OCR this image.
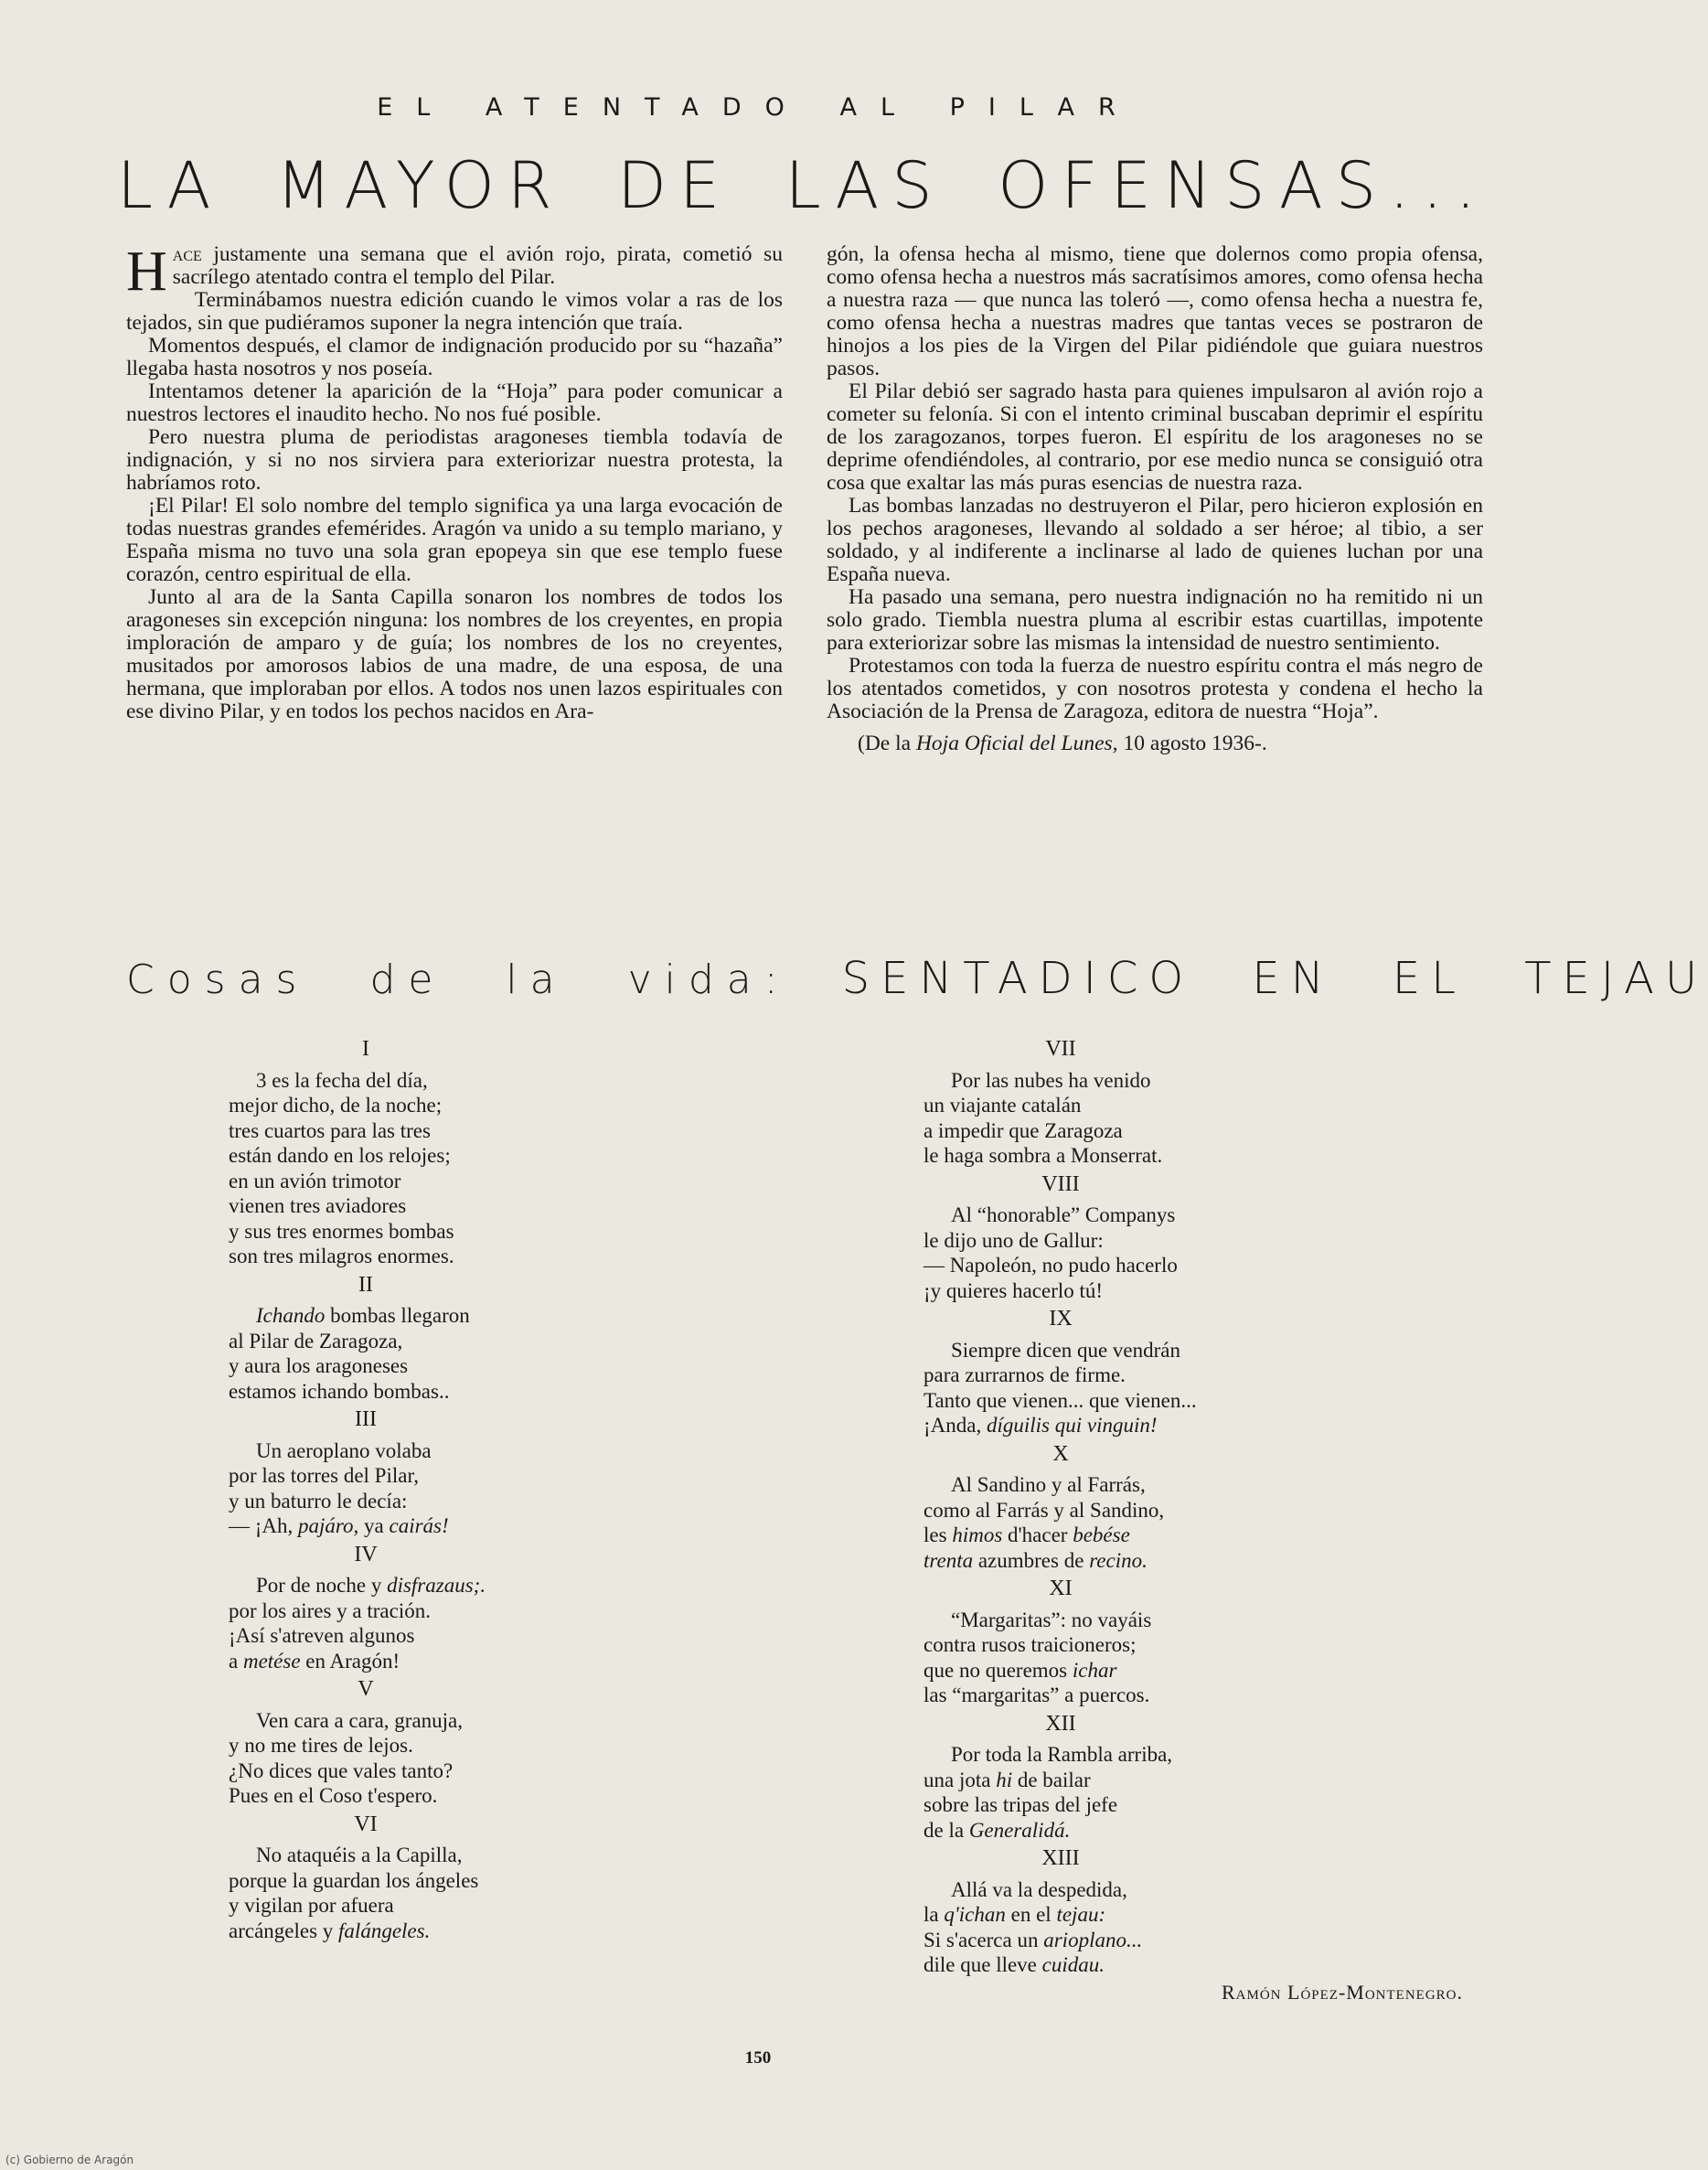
EL ATENTADO AL PILAR
LA MAYOR DE LAS OFENSAS...

Hace justamente una semana que el avión rojo, pirata, cometió su sacrílego atentado contra el templo del Pilar.

Terminábamos nuestra edición cuando le vimos volar a ras de los tejados, sin que pudiéramos suponer la negra intención que traía.

Momentos después, el clamor de indignación producido por su “hazaña” llegaba hasta nosotros y nos poseía.

Intentamos detener la aparición de la “Hoja” para poder comunicar a nuestros lectores el inaudito hecho. No nos fué posible.

Pero nuestra pluma de periodistas aragoneses tiembla todavía de indignación, y si no nos sirviera para exteriorizar nuestra protesta, la habríamos roto.

¡El Pilar! El solo nombre del templo significa ya una larga evocación de todas nuestras grandes efemérides. Aragón va unido a su templo mariano, y España misma no tuvo una sola gran epopeya sin que ese templo fuese corazón, centro espiritual de ella.

Junto al ara de la Santa Capilla sonaron los nombres de todos los aragoneses sin excepción ninguna: los nombres de los creyentes, en propia imploración de amparo y de guía; los nombres de los no creyentes, musitados por amorosos labios de una madre, de una esposa, de una hermana, que imploraban por ellos. A todos nos unen lazos espirituales con ese divino Pilar, y en todos los pechos nacidos en Ara-

gón, la ofensa hecha al mismo, tiene que dolernos como propia ofensa, como ofensa hecha a nuestros más sacratísimos amores, como ofensa hecha a nuestra raza — que nunca las toleró —, como ofensa hecha a nuestra fe, como ofensa hecha a nuestras madres que tantas veces se postraron de hinojos a los pies de la Virgen del Pilar pidiéndole que guiara nuestros pasos.

El Pilar debió ser sagrado hasta para quienes impulsaron al avión rojo a cometer su felonía. Si con el intento criminal buscaban deprimir el espíritu de los zaragozanos, torpes fueron. El espíritu de los aragoneses no se deprime ofendiéndoles, al contrario, por ese medio nunca se consiguió otra cosa que exaltar las más puras esencias de nuestra raza.

Las bombas lanzadas no destruyeron el Pilar, pero hicieron explosión en los pechos aragoneses, llevando al soldado a ser héroe; al tibio, a ser soldado, y al indiferente a inclinarse al lado de quienes luchan por una España nueva.

Ha pasado una semana, pero nuestra indignación no ha remitido ni un solo grado. Tiembla nuestra pluma al escribir estas cuartillas, impotente para exteriorizar sobre las mismas la intensidad de nuestro sentimiento.

Protestamos con toda la fuerza de nuestro espíritu contra el más negro de los atentados cometidos, y con nosotros protesta y condena el hecho la Asociación de la Prensa de Zaragoza, editora de nuestra “Hoja”.

(De la Hoja Oficial del Lunes, 10 agosto 1936-.

Cosas de la vida: SENTADICO EN EL TEJAU
I
3 es la fecha del día,
mejor dicho, de la noche;
tres cuartos para las tres
están dando en los relojes;
en un avión trimotor
vienen tres aviadores
y sus tres enormes bombas
son tres milagros enormes.
II
Ichando bombas llegaron
al Pilar de Zaragoza,
y aura los aragoneses
estamos ichando bombas..
III
Un aeroplano volaba
por las torres del Pilar,
y un baturro le decía:
— ¡Ah, pajáro, ya cairás!
IV
Por de noche y disfrazaus;.
por los aires y a tración.
¡Así s'atreven algunos
a metése en Aragón!
V
Ven cara a cara, granuja,
y no me tires de lejos.
¿No dices que vales tanto?
Pues en el Coso t'espero.
VI
No ataquéis a la Capilla,
porque la guardan los ángeles
y vigilan por afuera
arcángeles y falángeles.
VII
Por las nubes ha venido
un viajante catalán
a impedir que Zaragoza
le haga sombra a Monserrat.
VIII
Al “honorable” Companys
le dijo uno de Gallur:
— Napoleón, no pudo hacerlo
¡y quieres hacerlo tú!
IX
Siempre dicen que vendrán
para zurrarnos de firme.
Tanto que vienen... que vienen...
¡Anda, díguilis qui vinguin!
X
Al Sandino y al Farrás,
como al Farrás y al Sandino,
les himos d'hacer bebése
trenta azumbres de recino.
XI
“Margaritas”: no vayáis
contra rusos traicioneros;
que no queremos ichar
las “margaritas” a puercos.
XII
Por toda la Rambla arriba,
una jota hi de bailar
sobre las tripas del jefe
de la Generalidá.
XIII
Allá va la despedida,
la q'ichan en el tejau:
Si s'acerca un arioplano...
dile que lleve cuidau.
Ramón López-Montenegro.
150
(c) Gobierno de Aragón
